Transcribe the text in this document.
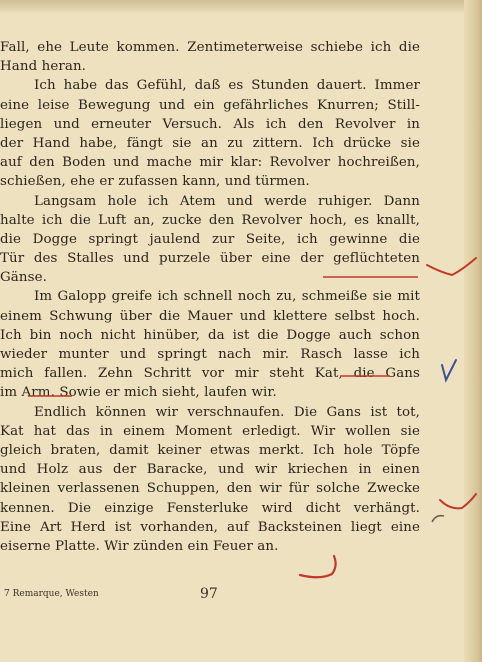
Fall, ehe Leute kommen. Zentimeterweise schiebe ich die
Hand heran.
Ich habe das Gefühl, daß es Stunden dauert. Immer
eine leise Bewegung und ein gefährliches Knurren; Still-
liegen und erneuter Versuch. Als ich den Revolver in
der Hand habe, fängt sie an zu zittern. Ich drücke sie
auf den Boden und mache mir klar: Revolver hochreißen,
schießen, ehe er zufassen kann, und türmen.
Langsam hole ich Atem und werde ruhiger. Dann
halte ich die Luft an, zucke den Revolver hoch, es knallt,
die Dogge springt jaulend zur Seite, ich gewinne die
Tür des Stalles und purzele über eine der geflüchteten
Gänse.
Im Galopp greife ich schnell noch zu, schmeiße sie mit
einem Schwung über die Mauer und klettere selbst hoch.
Ich bin noch nicht hinüber, da ist die Dogge auch schon
wieder munter und springt nach mir. Rasch lasse ich
mich fallen. Zehn Schritt vor mir steht Kat, die Gans
im Arm. Sowie er mich sieht, laufen wir.
Endlich können wir verschnaufen. Die Gans ist tot,
Kat hat das in einem Moment erledigt. Wir wollen sie
gleich braten, damit keiner etwas merkt. Ich hole Töpfe
und Holz aus der Baracke, und wir kriechen in einen
kleinen verlassenen Schuppen, den wir für solche Zwecke
kennen. Die einzige Fensterluke wird dicht verhängt.
Eine Art Herd ist vorhanden, auf Backsteinen liegt eine
eiserne Platte. Wir zünden ein Feuer an.
7 Remarque, Westen	97
